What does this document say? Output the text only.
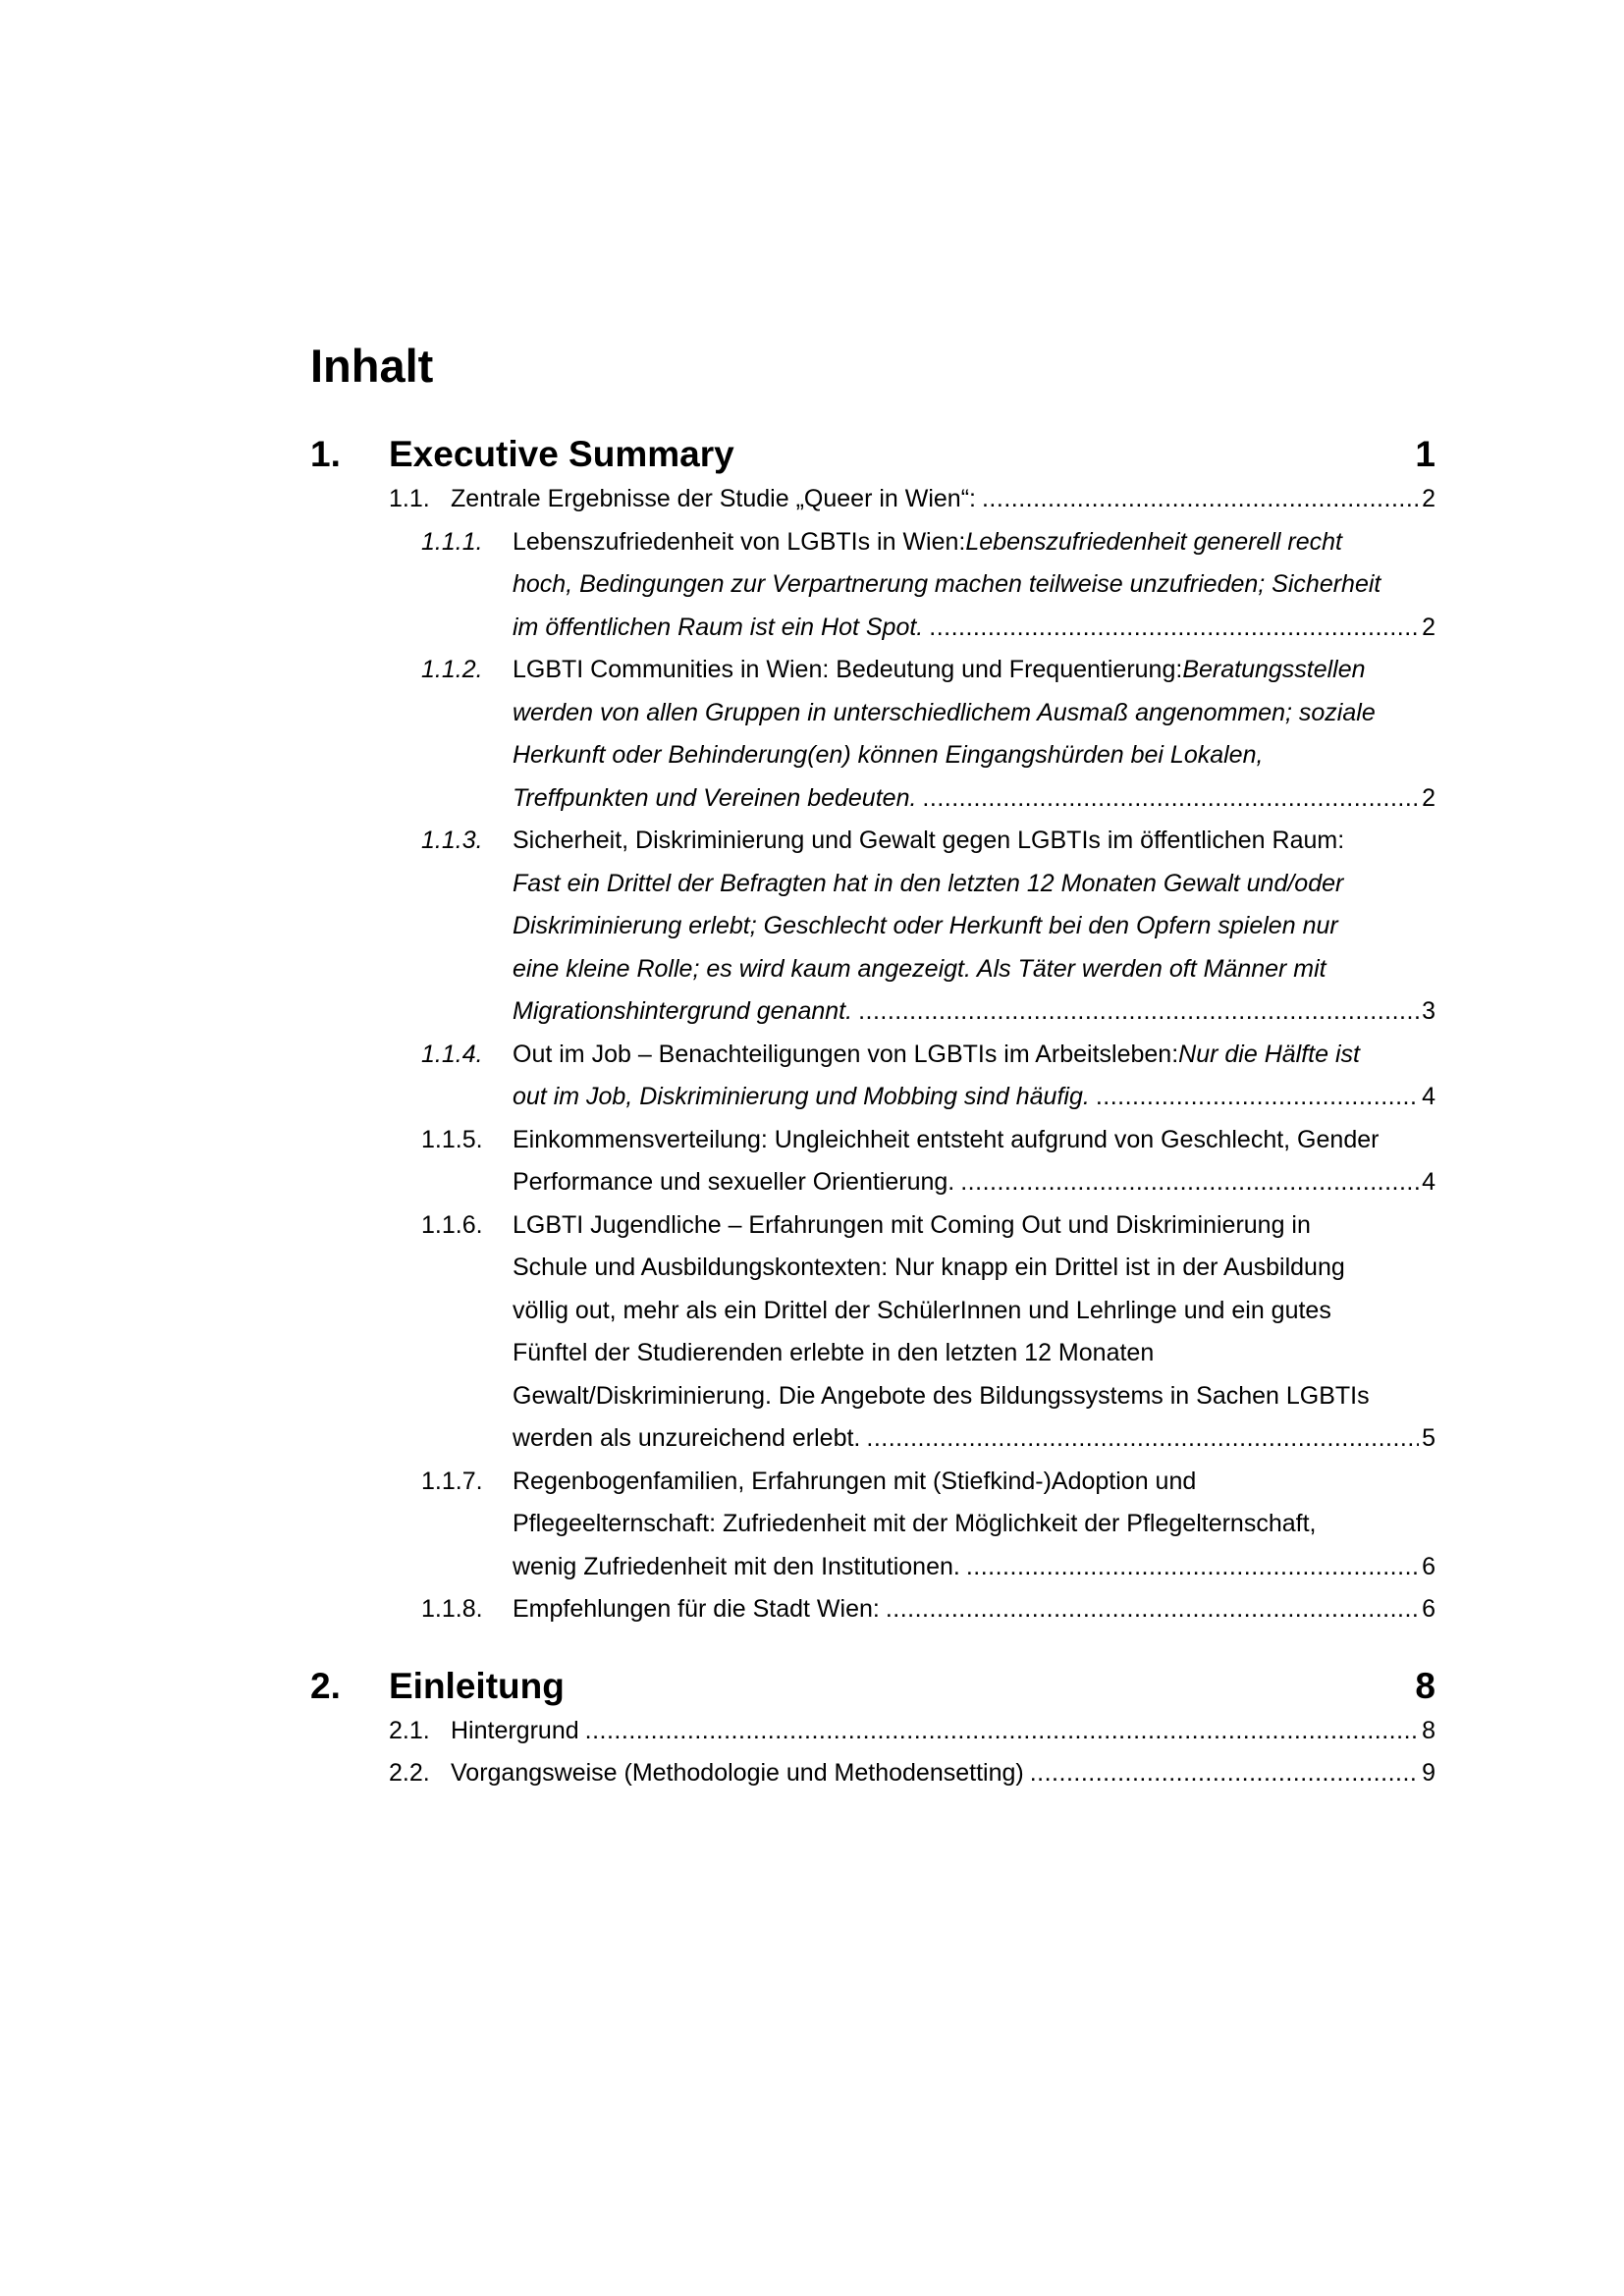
Inhalt
1.	Executive Summary	1
1.1. Zentrale Ergebnisse der Studie „Queer in Wien“: .....	2
1.1.1.	Lebenszufriedenheit von LGBTIs in Wien: Lebenszufriedenheit generell recht
hoch, Bedingungen zur Verpartnerung machen teilweise unzufrieden; Sicherheit
im öffentlichen Raum ist ein Hot Spot. .....	2
1.1.2.	LGBTI Communities in Wien: Bedeutung und Frequentierung: Beratungsstellen
werden von allen Gruppen in unterschiedlichem Ausmaß angenommen; soziale
Herkunft oder Behinderung(en) können Eingangshürden bei Lokalen,
Treffpunkten und Vereinen bedeuten. .....	2
1.1.3.	Sicherheit, Diskriminierung und Gewalt gegen LGBTIs im öffentlichen Raum:
Fast ein Drittel der Befragten hat in den letzten 12 Monaten Gewalt und/oder
Diskriminierung erlebt; Geschlecht oder Herkunft bei den Opfern spielen nur
eine kleine Rolle; es wird kaum angezeigt. Als Täter werden oft Männer mit
Migrationshintergrund genannt. .....	3
1.1.4.	Out im Job – Benachteiligungen von LGBTIs im Arbeitsleben: Nur die Hälfte ist
out im Job, Diskriminierung und Mobbing sind häufig. .....	4
1.1.5.	Einkommensverteilung: Ungleichheit entsteht aufgrund von Geschlecht, Gender
Performance und sexueller Orientierung. .....	4
1.1.6.	LGBTI Jugendliche – Erfahrungen mit Coming Out und Diskriminierung in
Schule und Ausbildungskontexten: Nur knapp ein Drittel ist in der Ausbildung
völlig out, mehr als ein Drittel der SchülerInnen und Lehrlinge und ein gutes
Fünftel der Studierenden erlebte in den letzten 12 Monaten
Gewalt/Diskriminierung. Die Angebote des Bildungssystems in Sachen LGBTIs
werden als unzureichend erlebt. .....	5
1.1.7.	Regenbogenfamilien, Erfahrungen mit (Stiefkind-)Adoption und
Pflegeelternschaft: Zufriedenheit mit der Möglichkeit der Pflegelternschaft,
wenig Zufriedenheit mit den Institutionen. .....	6
1.1.8.	Empfehlungen für die Stadt Wien: .....	6
2.	Einleitung	8
2.1. Hintergrund .....	8
2.2. Vorgangsweise (Methodologie und Methodensetting) .....	9
